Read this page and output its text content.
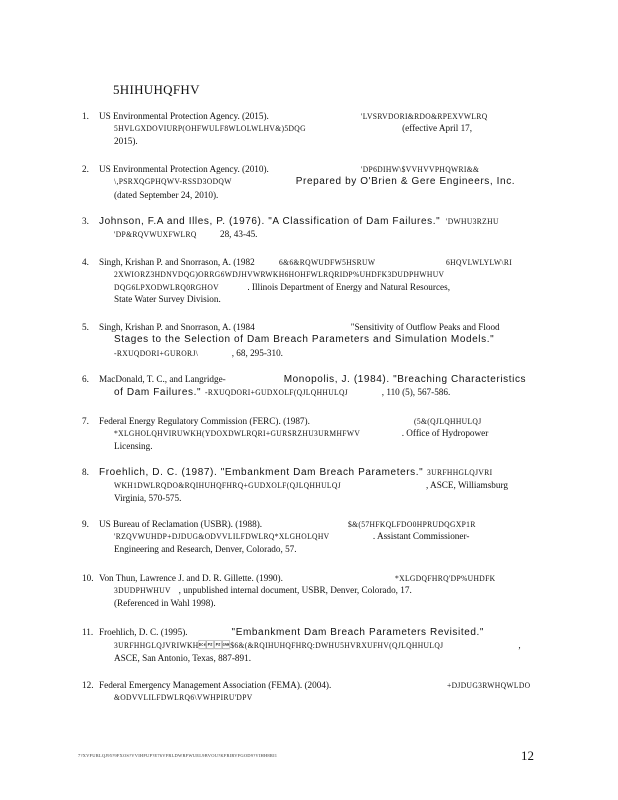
5HIHUHQFHV
1.	US Environmental Protection Agency. (2015).	'LVSRVDORI&RDO&RPEXVWLRQ
5HVLGXDOVIURP(OHFWULF8WLOLWLHV&)5DQG	(effective April 17,
2015).
2.	US Environmental Protection Agency. (2010).	'DP6DIHW\$VVHVVPHQWRI&&
\,PSRXQGPHQWV-RSSD3ODQW	Prepared by O'Brien & Gere Engineers, Inc.
(dated September 24, 2010).
3.	Johnson, F.A and Illes, P. (1976). "A Classification of Dam Failures." 'DWHU3RZHU
'DP&RQVWUXFWLRQ	28, 43-45.
4.	Singh, Krishan P. and Snorrason, A. (1982	6&6&RQWUDFW5HSRUW	6HQVLWLYLW\RI
2XWIORZ3HDNVDQG)ORRG6WDJHVWRWKH6HOHFWLRQRIDP%UHDFK3DUDPHWHUV
DQG6LPXODWLRQ0RGHOV	. Illinois Department of Energy and Natural Resources,
State Water Survey Division.
5.	Singh, Krishan P. and Snorrason, A. (1984	"Sensitivity of Outflow Peaks and Flood
Stages to the Selection of Dam Breach Parameters and Simulation Models."
-RXUQDORI+GURORJ\	, 68, 295-310.
6.	MacDonald, T. C., and Langridge-	Monopolis, J. (1984). "Breaching Characteristics
of Dam Failures." -RXUQDORI+GUDXOLF(QJLQHHULQJ	, 110 (5), 567-586.
7.	Federal Energy Regulatory Commission (FERC). (1987).	(5&(QJLQHHULQJ
*XLGHOLQHVIRUWKH(YDOXDWLRQRI+GURSRZHU3URMHFWV	. Office of Hydropower
Licensing.
8.	Froehlich, D. C. (1987). "Embankment Dam Breach Parameters." 3URFHHGLQJVRI
WKH1DWLRQDO&RQIHUHQFHRQ+GUDXOLF(QJLQHHULQJ	, ASCE, Williamsburg
Virginia, 570-575.
9.	US Bureau of Reclamation (USBR). (1988).	$&(57HFKQLFDO0HPRUDQGXP1R
'RZQVWUHDP+DJDUG&ODVVLILFDWLRQ*XLGHOLQHV	. Assistant Commissioner-
Engineering and Research, Denver, Colorado, 57.
10. Von Thun, Lawrence J. and D. R. Gillette. (1990).	*XLGDQFHRQ'DP%UHDFK
3DUDPHWHUV , unpublished internal document, USBR, Denver, Colorado, 17.
(Referenced in Wahl 1998).
11. Froehlich, D. C. (1995).	"Embankment Dam Breach Parameters Revisited."
3URFHHGLQJVRIWKH$6&(&RQIHUHQFHRQ:DWHU5HVRXUFHV(QJLQHHULQJ	,
ASCE, San Antonio, Texas, 887-891.
12. Federal Emergency Management Association (FEMA). (2004).	+DJDUG3RWHQWLDO
&ODVVLILFDWLRQ6\VWHPIRU'DPV
7?XVFURLQJ95?9FXOS?VVIHFUP?E76VFRLDWRFWUEL9BVOU?KFRIRVFGOD9?VIHH8RI1	12
